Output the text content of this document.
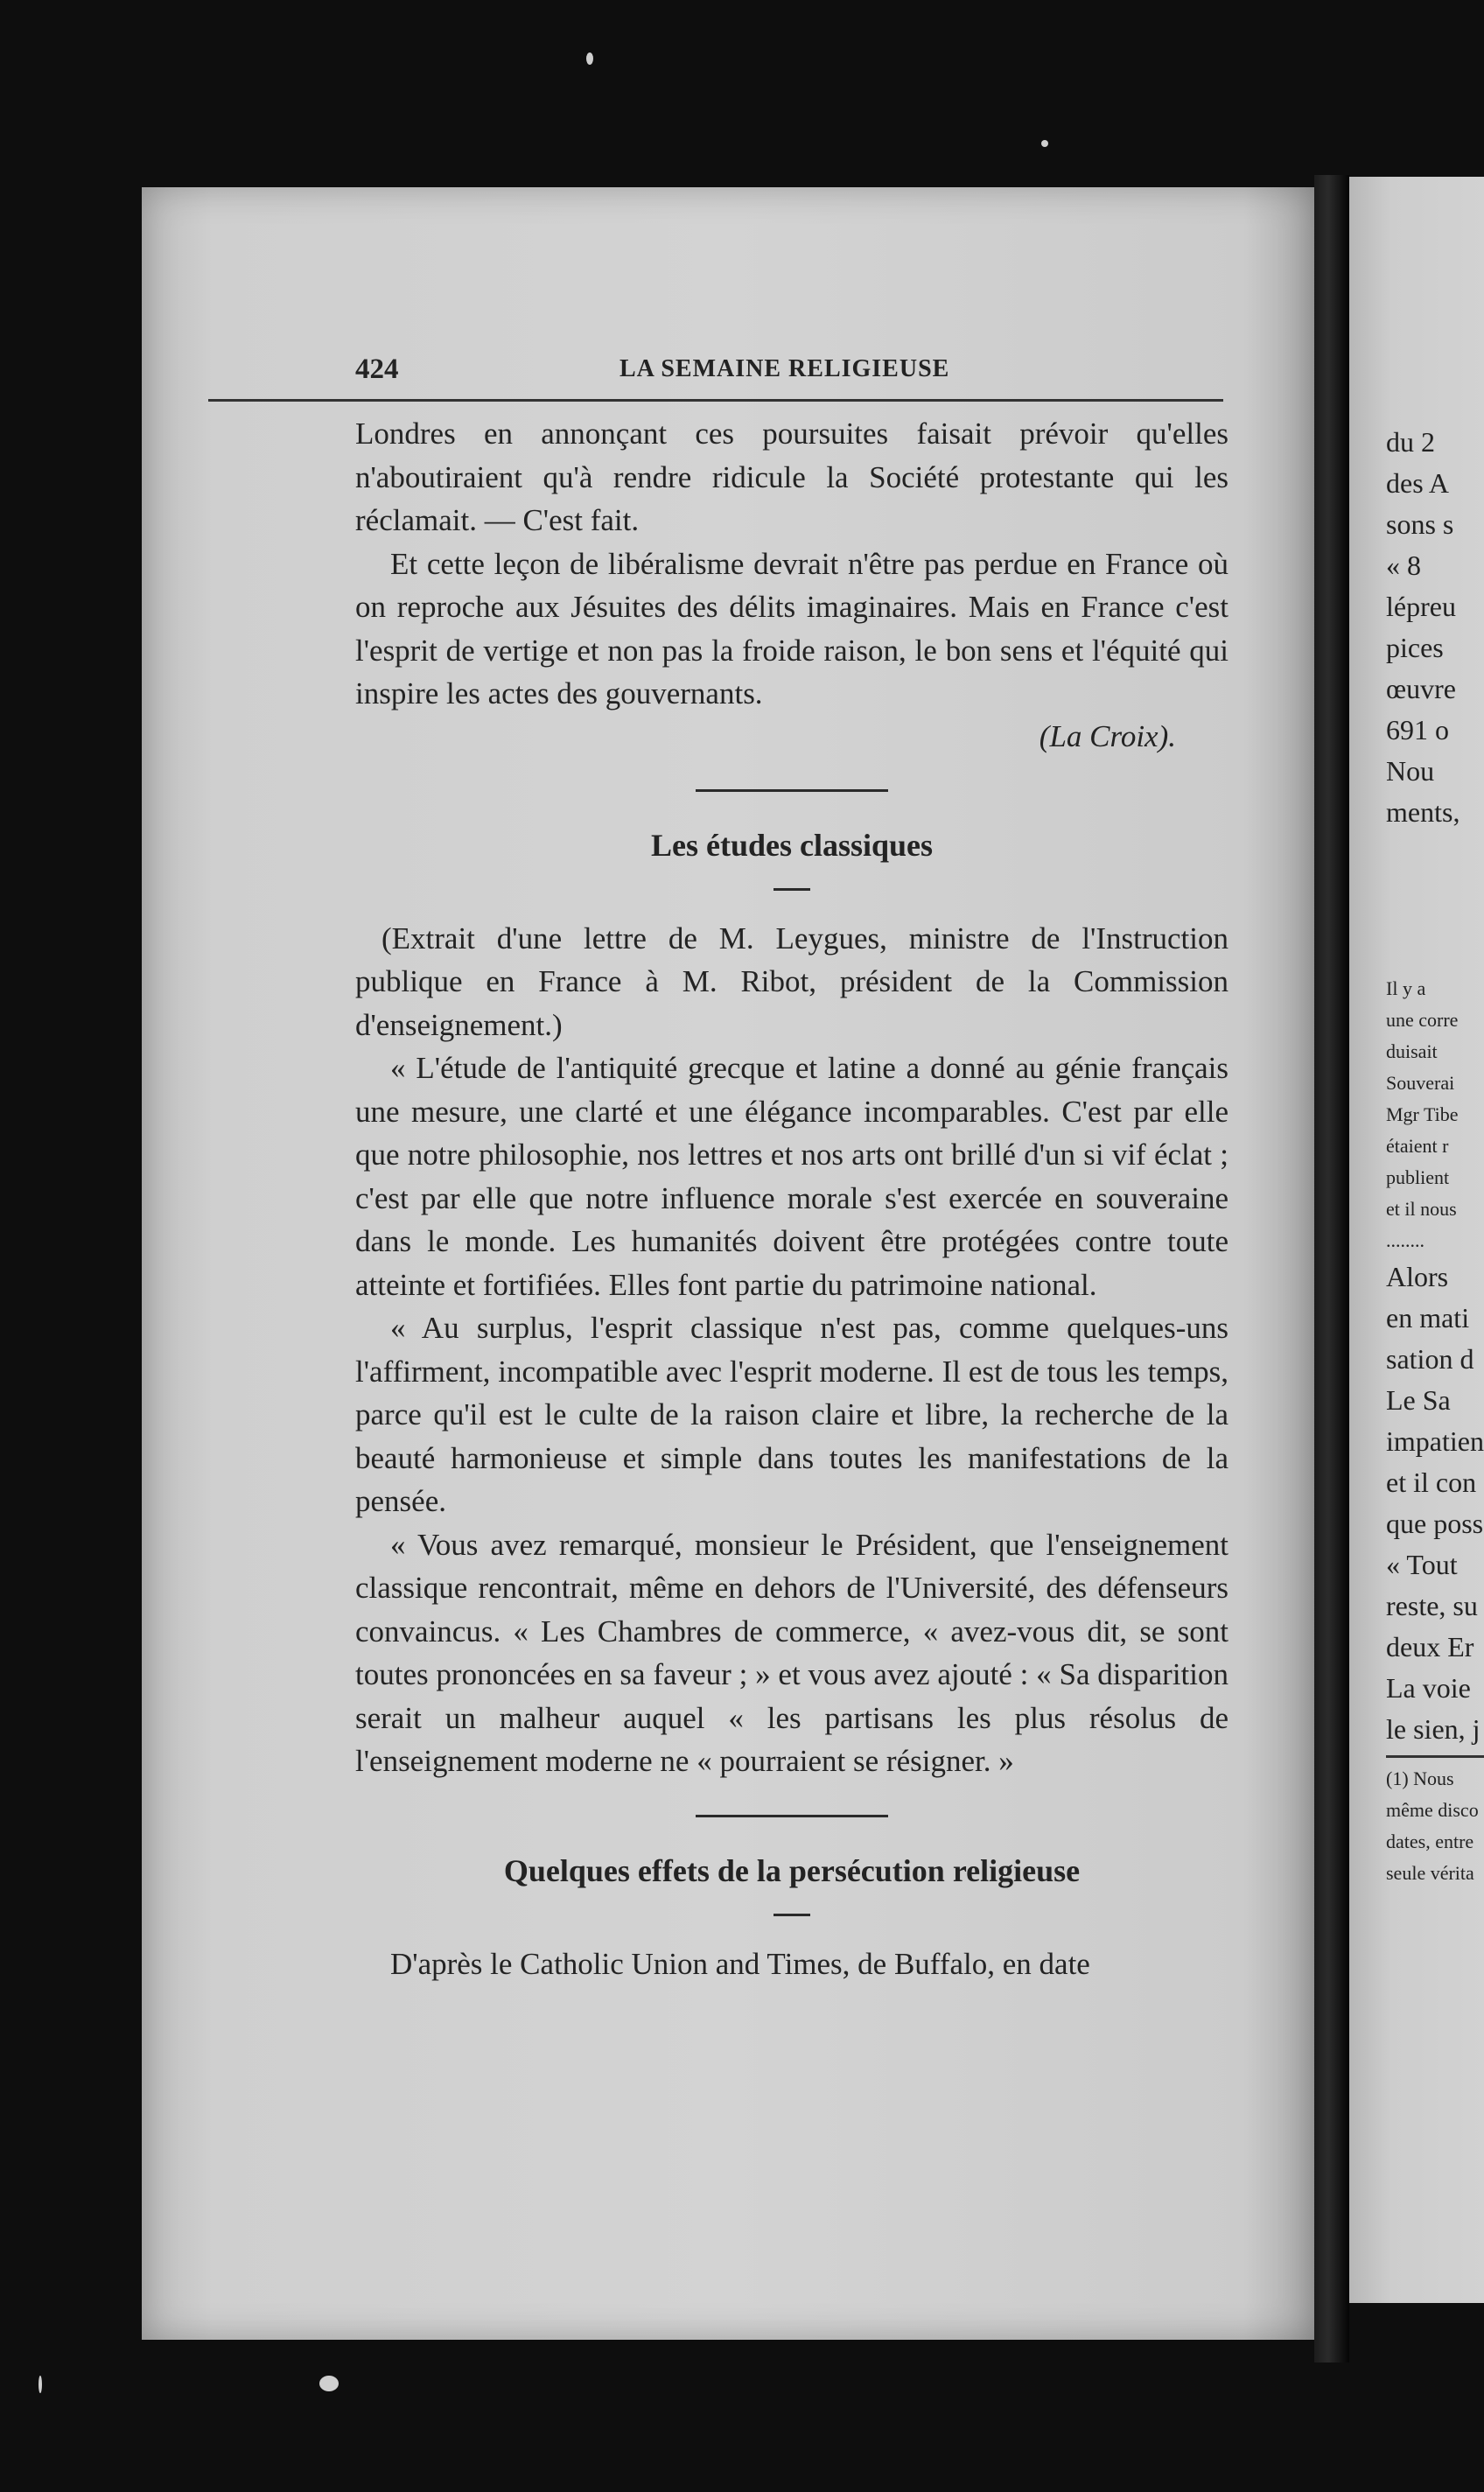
424	LA SEMAINE RELIGIEUSE

Londres en annonçant ces poursuites faisait prévoir qu'elles n'aboutiraient qu'à rendre ridicule la Société protestante qui les réclamait. — C'est fait.

Et cette leçon de libéralisme devrait n'être pas perdue en France où on reproche aux Jésuites des délits imaginaires. Mais en France c'est l'esprit de vertige et non pas la froide raison, le bon sens et l'équité qui inspire les actes des gouvernants.

(La Croix).

Les études classiques

(Extrait d'une lettre de M. Leygues, ministre de l'Instruction publique en France à M. Ribot, président de la Commission d'enseignement.)

« L'étude de l'antiquité grecque et latine a donné au génie français une mesure, une clarté et une élégance incomparables. C'est par elle que notre philosophie, nos lettres et nos arts ont brillé d'un si vif éclat ; c'est par elle que notre influence morale s'est exercée en souveraine dans le monde. Les humanités doivent être protégées contre toute atteinte et fortifiées. Elles font partie du patrimoine national.

« Au surplus, l'esprit classique n'est pas, comme quelques-uns l'affirment, incompatible avec l'esprit moderne. Il est de tous les temps, parce qu'il est le culte de la raison claire et libre, la recherche de la beauté harmonieuse et simple dans toutes les manifestations de la pensée.

« Vous avez remarqué, monsieur le Président, que l'enseignement classique rencontrait, même en dehors de l'Université, des défenseurs convaincus. « Les Chambres de commerce, « avez-vous dit, se sont toutes prononcées en sa faveur ; » et vous avez ajouté : « Sa disparition serait un malheur auquel « les partisans les plus résolus de l'enseignement moderne ne « pourraient se résigner. »

Quelques effets de la persécution religieuse

D'après le Catholic Union and Times, de Buffalo, en date

du 2
des A
sons s
« 8
lépreu
pices
œuvre
691 o
Nou
ments,
Il y a
une corre
duisait
Souverai
Mgr Tibe
étaient r
publient
et il nous
........
Alors
en mati
sation d
Le Sa
impatien
et il con
que poss
« Tout
reste, su
deux Er
La voie
le sien, j
(1) Nous
même disco
dates, entre
seule vérita
